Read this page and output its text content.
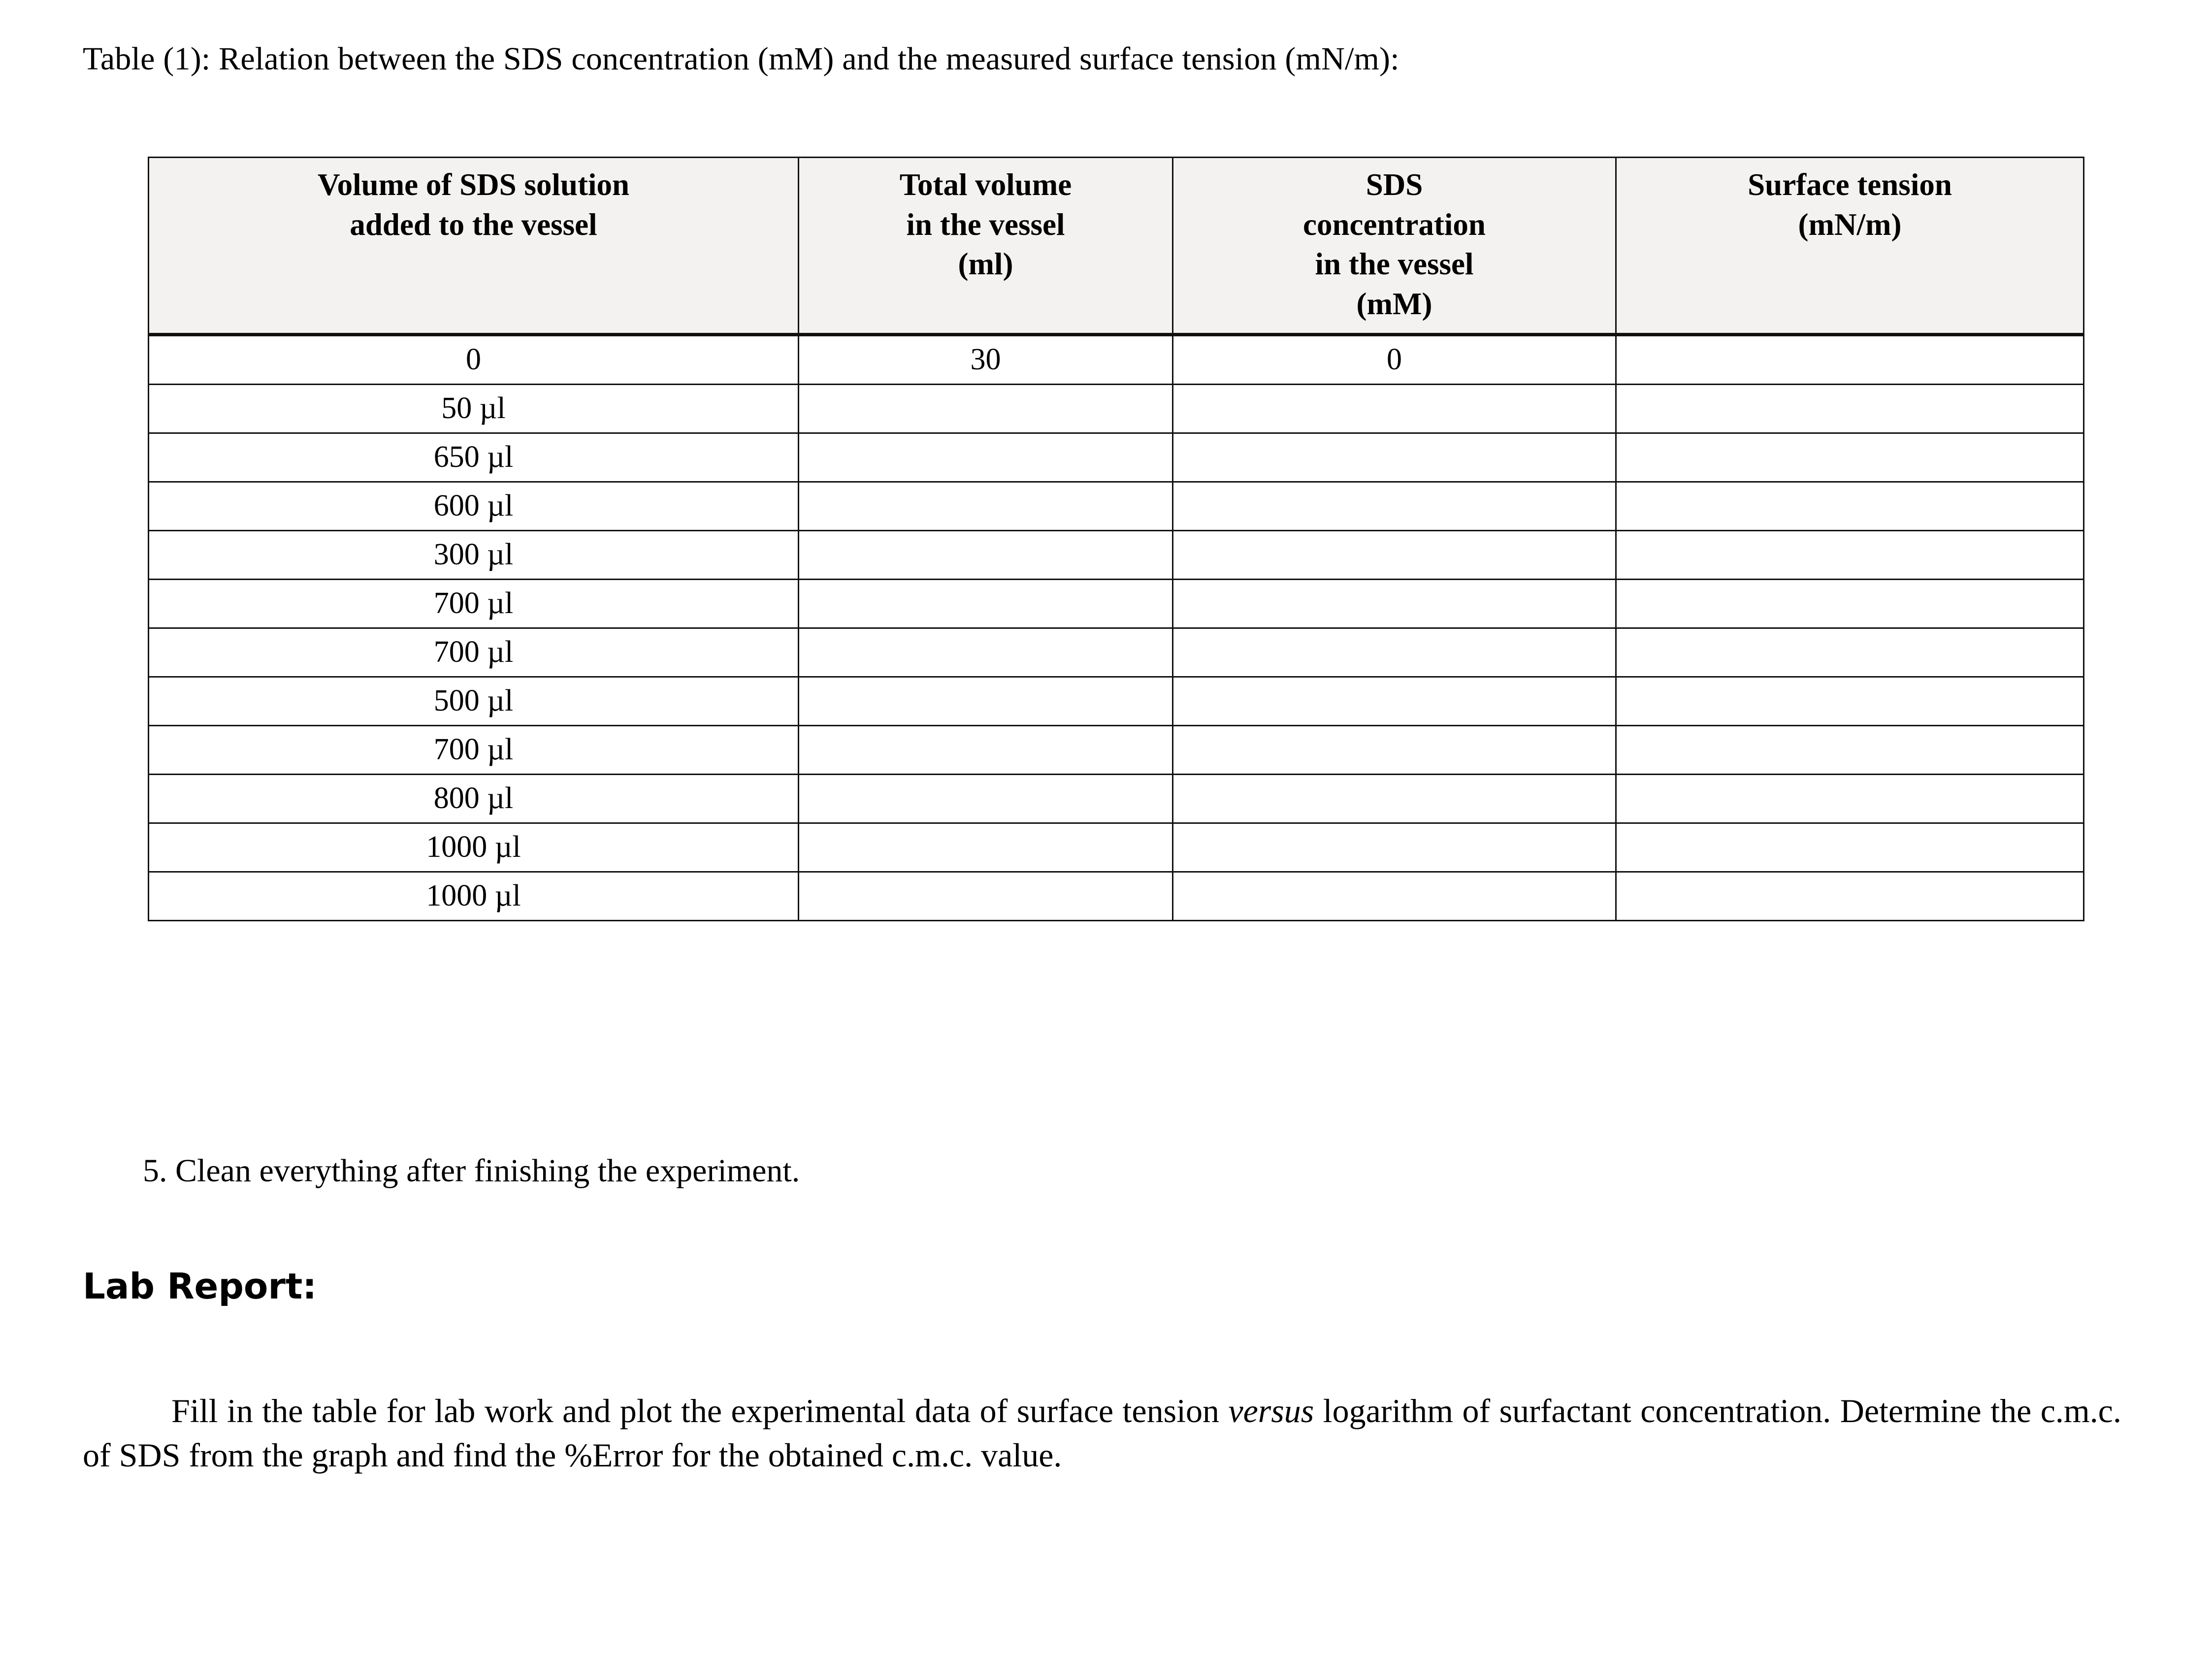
Table (1): Relation between the SDS concentration (mM) and the measured surface tension (mN/m):
Volume of SDS solution
added to the vessel	Total volume
in the vessel
(ml)	SDS
concentration
in the vessel
(mM)	Surface tension
(mN/m)

0	30	0	
50 µl			
650 µl			
600 µl			
300 µl			
700 µl			
700 µl			
500 µl			
700 µl			
800 µl			
1000 µl			
1000 µl			
5. Clean everything after finishing the experiment.
Lab Report:
Fill in the table for lab work and plot the experimental data of surface tension versus logarithm of surfactant concentration. Determine the c.m.c. of SDS from the graph and find the %Error for the obtained c.m.c. value.
